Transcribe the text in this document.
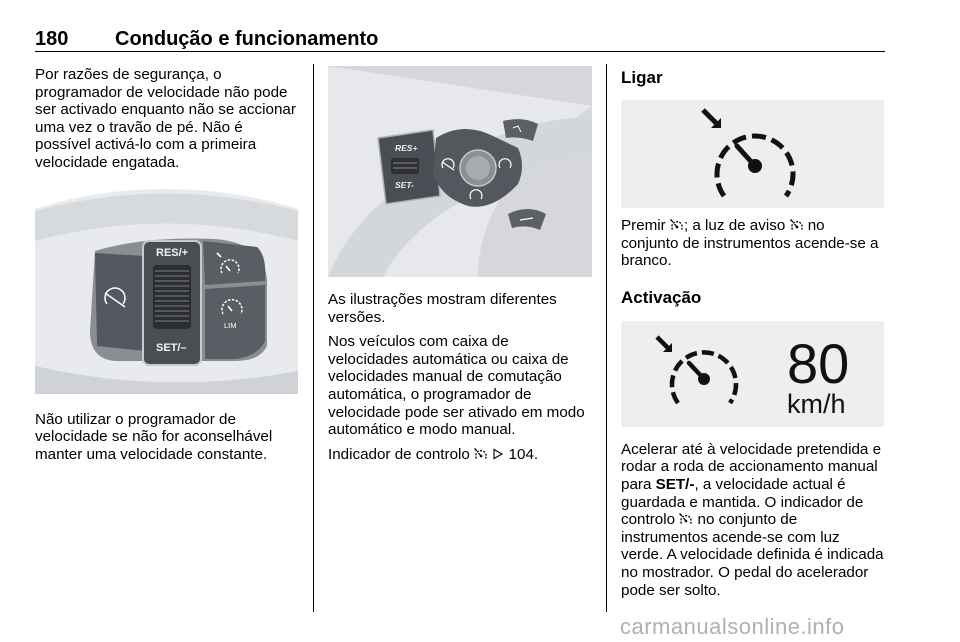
180 Condução e funcionamento

Por razões de segurança, o programador de velocidade não pode ser activado enquanto não se accionar uma vez o travão de pé. Não é possível activá-lo com a primeira velocidade engatada.

RES/+
SET/–
LIM

Não utilizar o programador de velocidade se não for aconselhável manter uma velocidade constante.

RES+
SET-

As ilustrações mostram diferentes versões.

Nos veículos com caixa de velocidades automática ou caixa de velocidades manual de comutação automática, o programador de velocidade pode ser ativado em modo automático e modo manual.

Indicador de controlo	104.

Ligar

Premir ; a luz de aviso no conjunto de instrumentos acende-se a branco.

Activação
80
km/h

Acelerar até à velocidade pretendida e rodar a roda de accionamento manual para SET/-, a velocidade actual é guardada e mantida. O indicador de controlo no conjunto de instrumentos acende-se com luz verde. A velocidade definida é indicada no mostrador. O pedal do acelerador pode ser solto.

carmanualsonline.info
